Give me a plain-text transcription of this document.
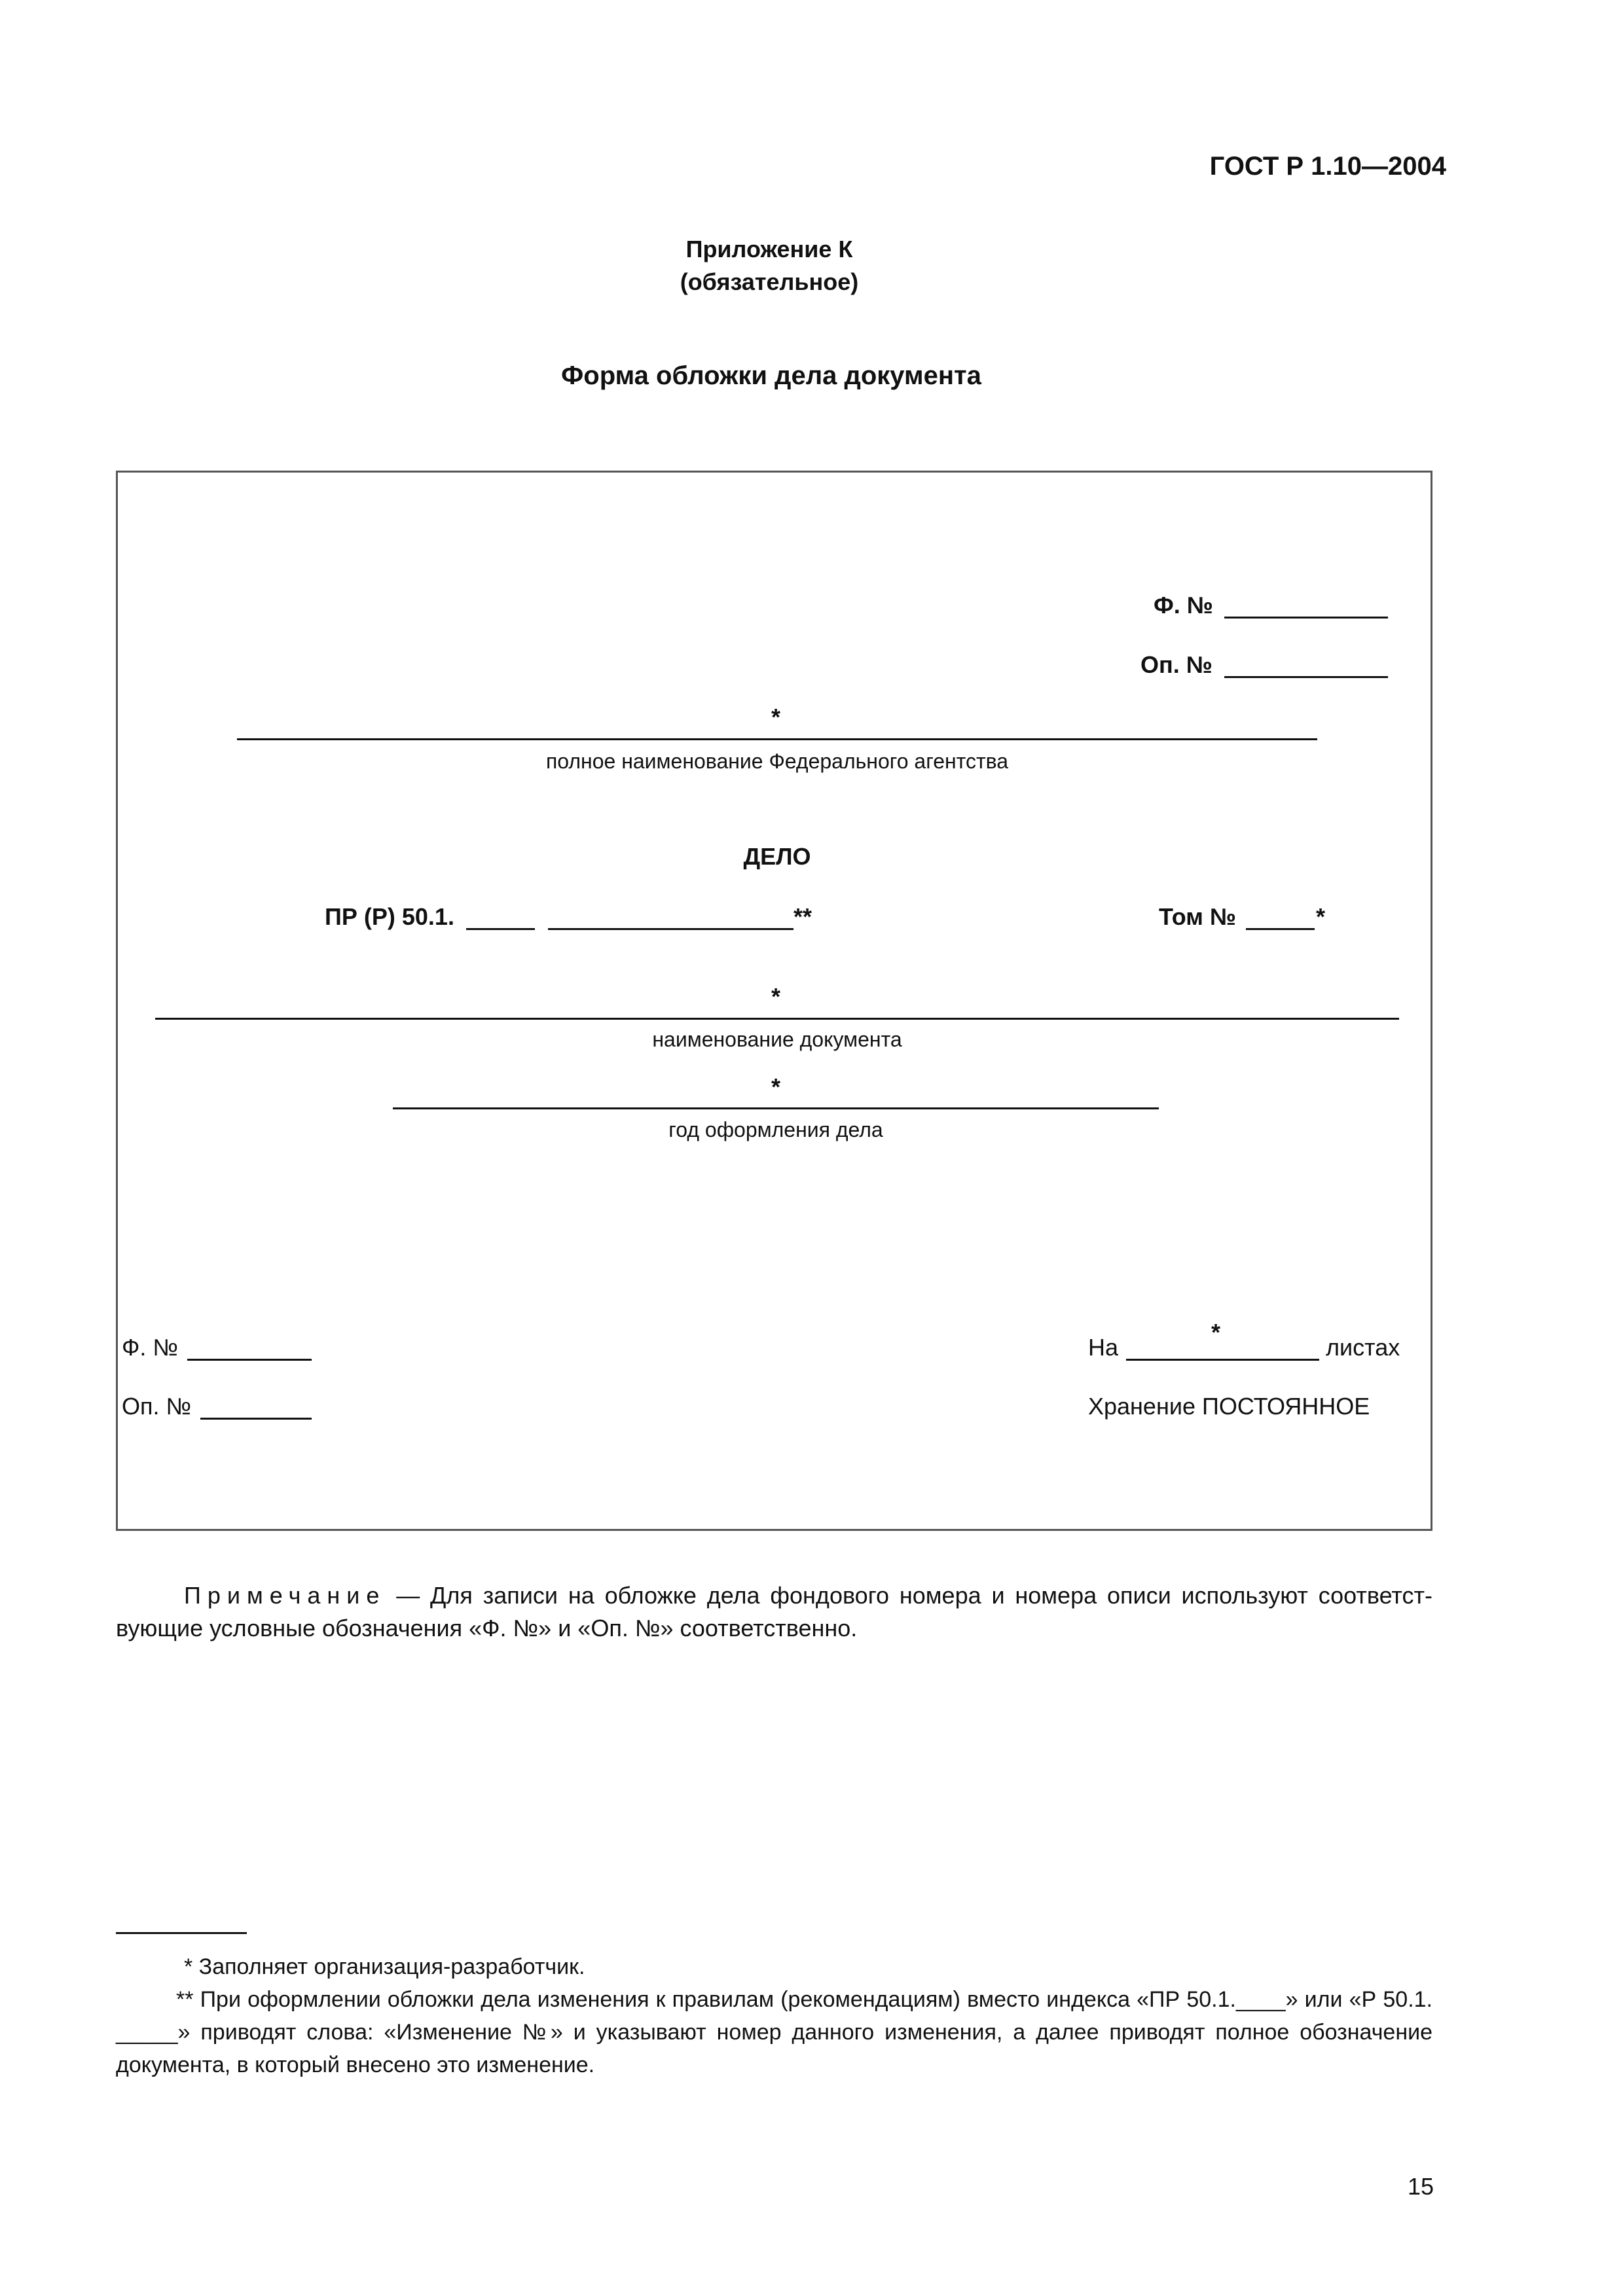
ГОСТ Р 1.10—2004
Приложение К
(обязательное)
Форма обложки дела документа
Ф. №
Оп. №
*
полное наименование Федерального агентства
ДЕЛО
ПР (Р) 50.1.	**	Том №	*
*
наименование документа
*
год оформления дела
Ф. №
Оп. №
На
*
листах
Хранение ПОСТОЯННОЕ
Примечание — Для записи на обложке дела фондового номера и номера описи используют соответст-вующие условные обозначения «Ф. №» и «Оп. №» соответственно.

* Заполняет организация-разработчик.

** При оформлении обложки дела изменения к правилам (рекомендациям) вместо индекса «ПР 50.1.____» или «Р 50.1. _____» приводят слова: «Изменение №» и указывают номер данного изменения, а далее приводят полное обозначение документа, в который внесено это изменение.

15
